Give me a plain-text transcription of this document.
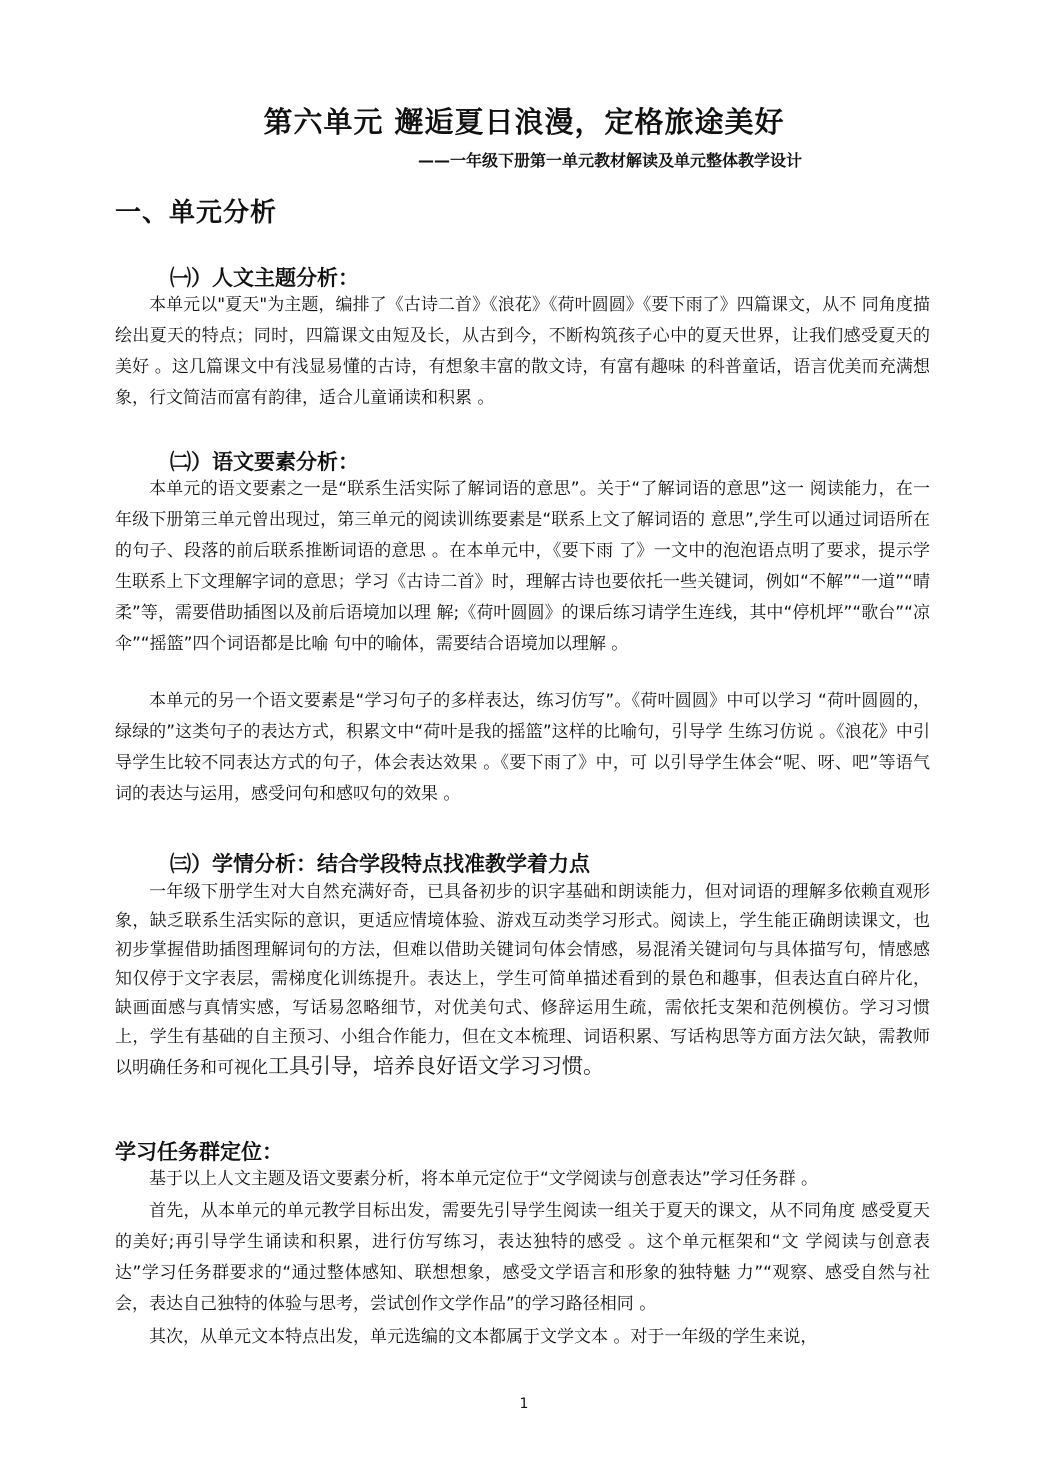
第六单元 邂逅夏日浪漫，定格旅途美好
——一年级下册第一单元教材解读及单元整体教学设计
一、单元分析
㈠）人文主题分析：

本单元以"夏天"为主题，编排了《古诗二首》《浪花》《荷叶圆圆》《要下雨了》四篇课文，从不 同角度描绘出夏天的特点；同时，四篇课文由短及长，从古到今，不断构筑孩子心中的夏天世界，让我们感受夏天的美好 。这几篇课文中有浅显易懂的古诗，有想象丰富的散文诗，有富有趣味 的科普童话，语言优美而充满想象，行文简洁而富有韵律，适合儿童诵读和积累 。

㈡）语文要素分析：

本单元的语文要素之一是“联系生活实际了解词语的意思”。关于“了解词语的意思”这一 阅读能力，在一年级下册第三单元曾出现过，第三单元的阅读训练要素是“联系上文了解词语的 意思”,学生可以通过词语所在的句子、段落的前后联系推断词语的意思 。在本单元中，《要下雨 了》一文中的泡泡语点明了要求，提示学生联系上下文理解字词的意思；学习《古诗二首》时，理解古诗也要依托一些关键词，例如“不解”“一道”“晴柔”等，需要借助插图以及前后语境加以理 解;《荷叶圆圆》的课后练习请学生连线，其中“停机坪”“歌台”“凉伞”“摇篮”四个词语都是比喻 句中的喻体，需要结合语境加以理解 。

本单元的另一个语文要素是“学习句子的多样表达，练习仿写”。《荷叶圆圆》中可以学习 “荷叶圆圆的，绿绿的”这类句子的表达方式，积累文中“荷叶是我的摇篮”这样的比喻句，引导学 生练习仿说 。《浪花》中引导学生比较不同表达方式的句子，体会表达效果 。《要下雨了》中，可 以引导学生体会“呢、呀、吧”等语气词的表达与运用，感受问句和感叹句的效果 。

㈢）学情分析：结合学段特点找准教学着力点

一年级下册学生对大自然充满好奇，已具备初步的识字基础和朗读能力，但对词语的理解多依赖直观形象，缺乏联系生活实际的意识，更适应情境体验、游戏互动类学习形式。阅读上，学生能正确朗读课文，也初步掌握借助插图理解词句的方法，但难以借助关键词句体会情感，易混淆关键词句与具体描写句，情感感知仅停于文字表层，需梯度化训练提升。表达上，学生可简单描述看到的景色和趣事，但表达直白碎片化，缺画面感与真情实感，写话易忽略细节，对优美句式、修辞运用生疏，需依托支架和范例模仿。学习习惯上，学生有基础的自主预习、小组合作能力，但在文本梳理、词语积累、写话构思等方面方法欠缺，需教师以明确任务和可视化工具引导，培养良好语文学习习惯。

学习任务群定位：

基于以上人文主题及语文要素分析，将本单元定位于“文学阅读与创意表达”学习任务群 。

首先，从本单元的单元教学目标出发，需要先引导学生阅读一组关于夏天的课文，从不同角度 感受夏天的美好;再引导学生诵读和积累，进行仿写练习，表达独特的感受 。这个单元框架和“文 学阅读与创意表达”学习任务群要求的“通过整体感知、联想想象，感受文学语言和形象的独特魅 力”“观察、感受自然与社会，表达自己独特的体验与思考，尝试创作文学作品”的学习路径相同 。

其次，从单元文本特点出发，单元选编的文本都属于文学文本 。对于一年级的学生来说，

1
